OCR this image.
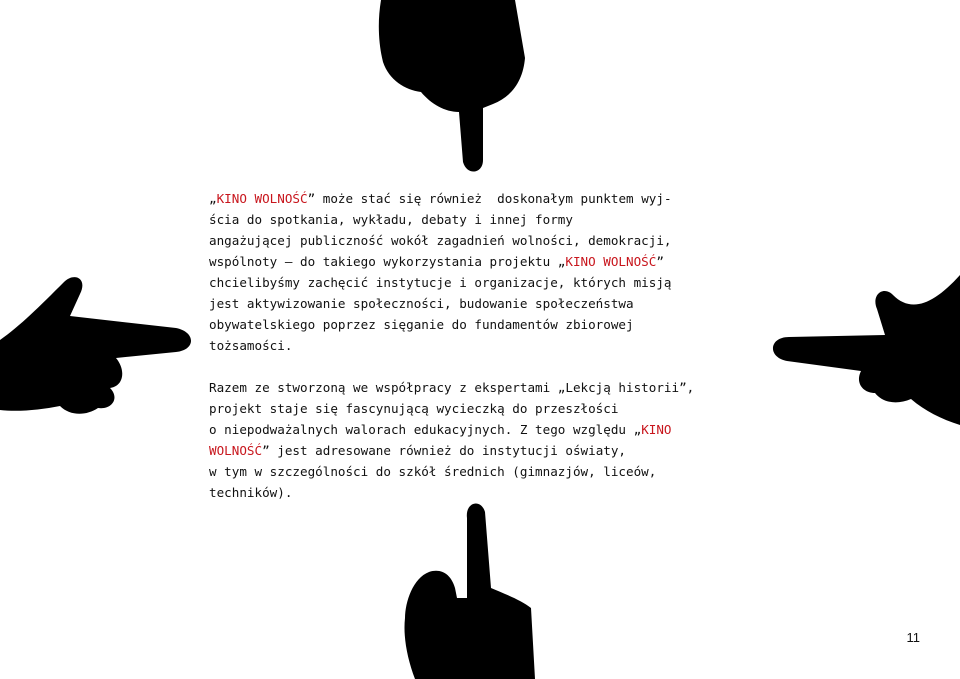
„KINO WOLNOŚĆ” może stać się również  doskonałym punktem wyj-
ścia do spotkania, wykładu, debaty i innej formy
angażującej publiczność wokół zagadnień wolności, demokracji,
wspólnoty – do takiego wykorzystania projektu „KINO WOLNOŚĆ”
chcielibyśmy zachęcić instytucje i organizacje, których misją
jest aktywizowanie społeczności, budowanie społeczeństwa
obywatelskiego poprzez sięganie do fundamentów zbiorowej
tożsamości.
Razem ze stworzoną we współpracy z ekspertami „Lekcją historii”,
projekt staje się fascynującą wycieczką do przeszłości
o niepodważalnych walorach edukacyjnych. Z tego względu „KINO
WOLNOŚĆ” jest adresowane również do instytucji oświaty,
w tym w szczególności do szkół średnich (gimnazjów, liceów,
techników).
11
